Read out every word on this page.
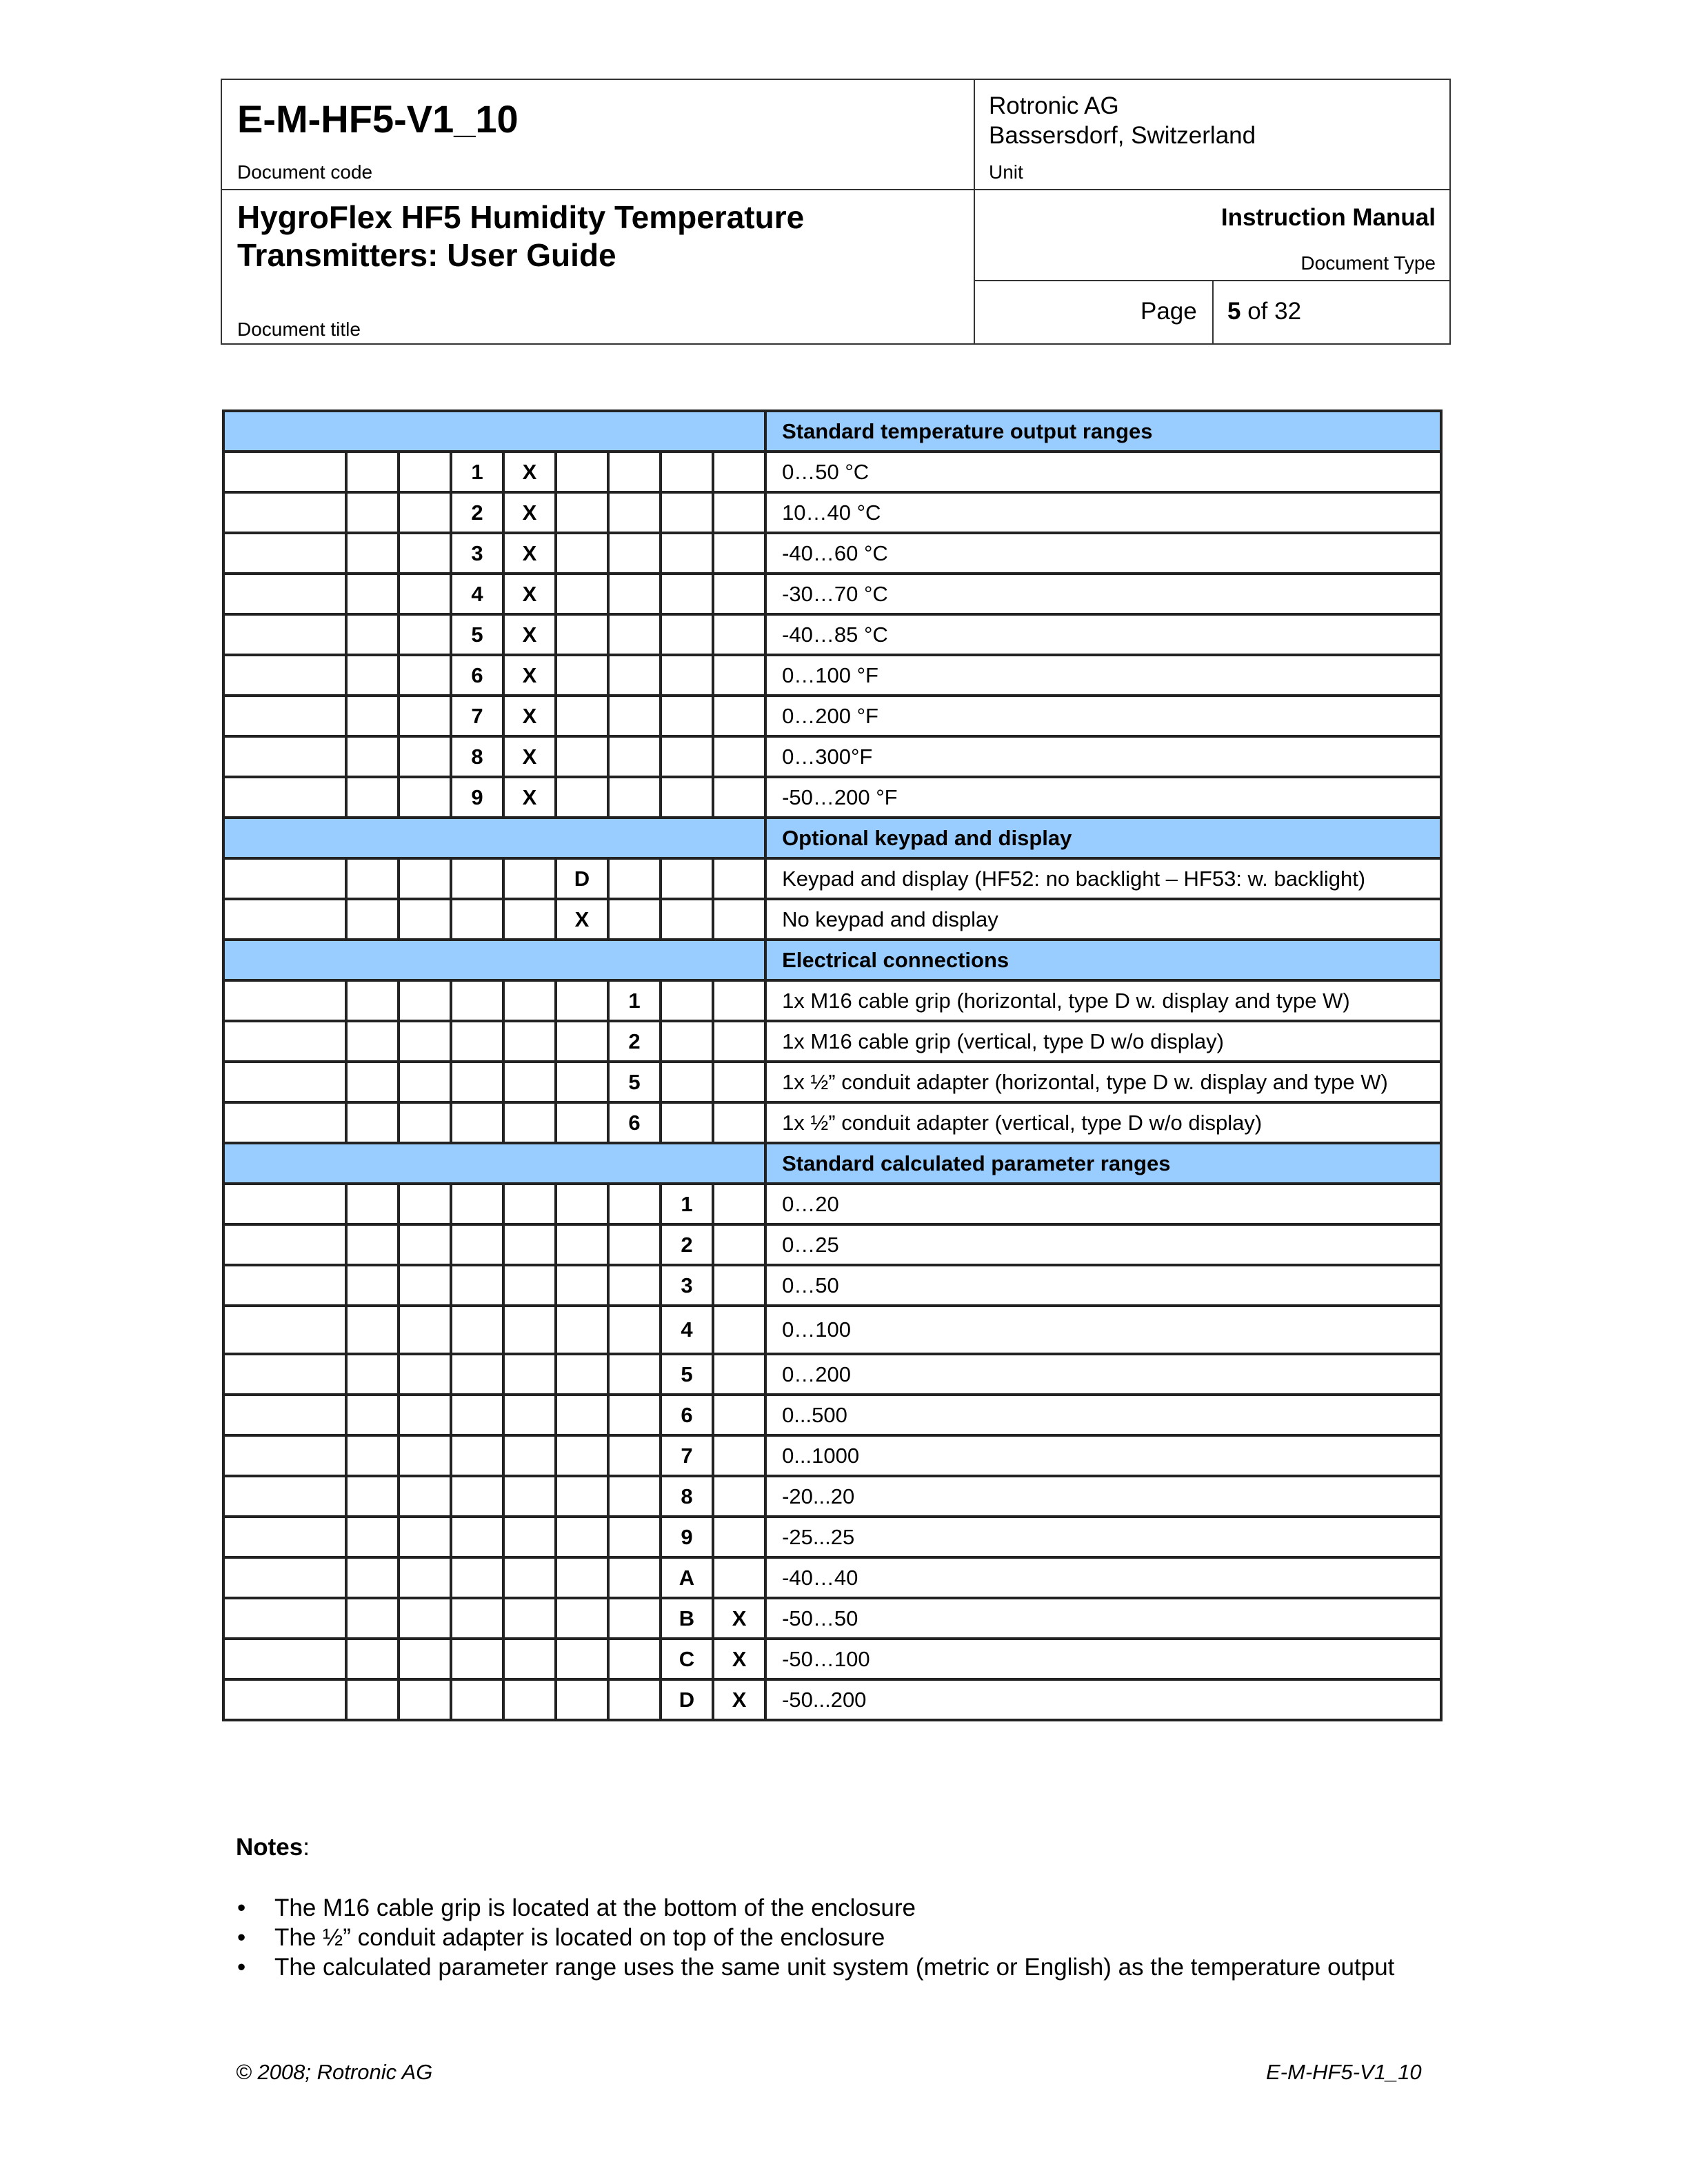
E-M-HF5-V1_10
Document code
Rotronic AG
Bassersdorf, Switzerland
Unit
HygroFlex HF5 Humidity Temperature
Transmitters: User Guide
Document title
Instruction Manual
Document Type
Page 5 of 32
									Standard temperature output ranges
			1	X					0…50 °C
			2	X					10…40 °C
			3	X					-40…60 °C
			4	X					-30…70 °C
			5	X					-40…85 °C
			6	X					0…100 °F
			7	X					0…200 °F
			8	X					0…300°F
			9	X					-50…200 °F
									Optional keypad and display
					D				Keypad and display (HF52: no backlight – HF53: w. backlight)
					X				No keypad and display
									Electrical connections
						1			1x M16 cable grip (horizontal, type D w. display and type W)
						2			1x M16 cable grip (vertical, type D w/o display)
						5			1x ½” conduit adapter (horizontal, type D w. display and type W)
						6			1x ½” conduit adapter (vertical, type D w/o display)
									Standard calculated parameter ranges
							1		0…20
							2		0…25
							3		0…50
							4		0…100
							5		0…200
							6		0...500
							7		0...1000
							8		-20...20
							9		-25...25
							A		-40…40
							B	X	-50…50
							C	X	-50…100
							D	X	-50...200
Notes:
• The M16 cable grip is located at the bottom of the enclosure
• The ½” conduit adapter is located on top of the enclosure
• The calculated parameter range uses the same unit system (metric or English) as the temperature output
© 2008; Rotronic AG	E-M-HF5-V1_10
